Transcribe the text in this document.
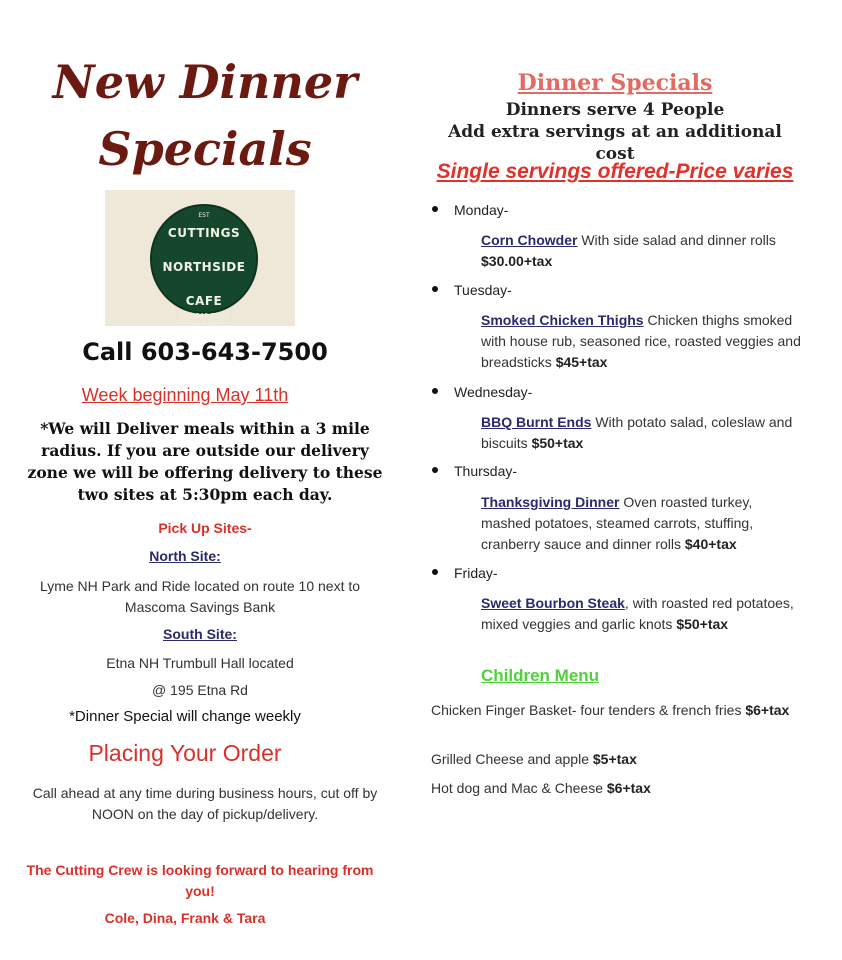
New Dinner
Specials
EST
CUTTINGS
NORTHSIDE
CAFE
603-643-7500
Sit Down or Take Out
Call 603-643-7500
Week beginning May 11th
*We will Deliver meals within a 3 mile radius. If you are outside our delivery zone we will be offering delivery to these two sites at 5:30pm each day.
Pick Up Sites-
North Site:
Lyme NH Park and Ride located on route 10 next to Mascoma Savings Bank
South Site:
Etna NH Trumbull Hall located
@ 195 Etna Rd
*Dinner Special will change weekly
Placing Your Order
Call ahead at any time during business hours, cut off by NOON on the day of pickup/delivery.
The Cutting Crew is looking forward to hearing from you!
Cole, Dina, Frank & Tara
Dinner Specials
Dinners serve 4 People
Add extra servings at an additional cost
Single servings offered-Price varies
Monday-
Corn Chowder With side salad and dinner rolls $30.00+tax
Tuesday-
Smoked Chicken Thighs Chicken thighs smoked with house rub, seasoned rice, roasted veggies and breadsticks $45+tax
Wednesday-
BBQ Burnt Ends With potato salad, coleslaw and biscuits $50+tax
Thursday-
Thanksgiving Dinner Oven roasted turkey, mashed potatoes, steamed carrots, stuffing, cranberry sauce and dinner rolls $40+tax
Friday-
Sweet Bourbon Steak, with roasted red potatoes, mixed veggies and garlic knots $50+tax
Children Menu
Chicken Finger Basket- four tenders & french fries $6+tax
Grilled Cheese and apple $5+tax
Hot dog and Mac & Cheese $6+tax
